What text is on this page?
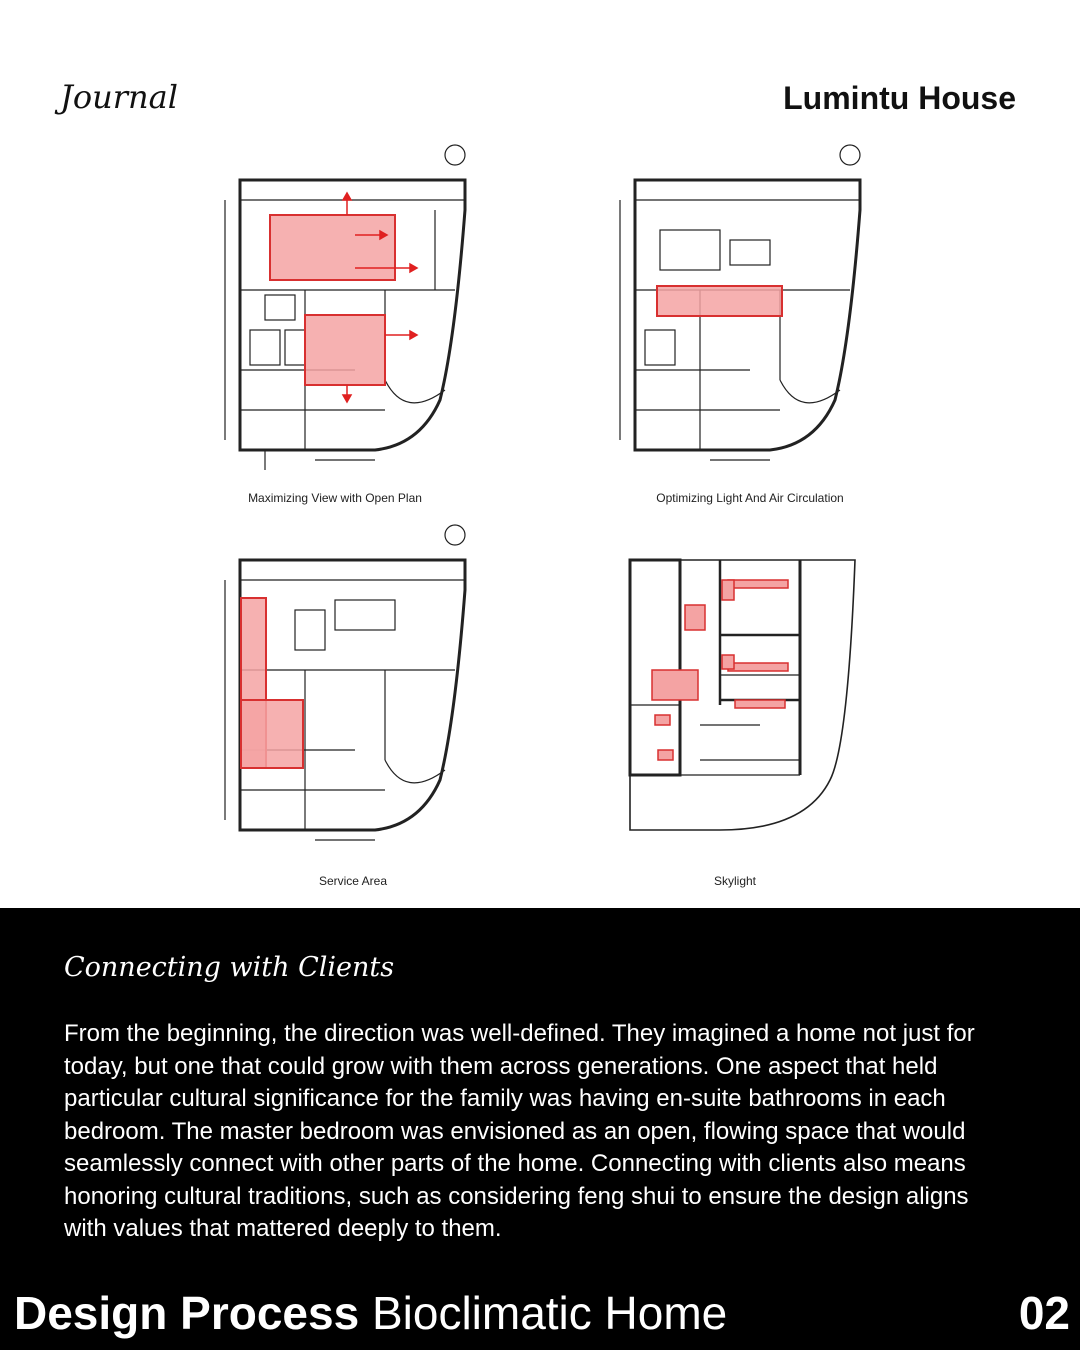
Journal	Lumintu House
Maximizing View with Open Plan	Optimizing Light And Air Circulation
Service Area	Skylight
Connecting with Clients

From the beginning, the direction was well-defined. They imagined a home not just for today, but one that could grow with them across generations. One aspect that held particular cultural significance for the family was having en-suite bathrooms in each bedroom. The master bedroom was envisioned as an open, flowing space that would seamlessly connect with other parts of the home. Connecting with clients also means honoring cultural traditions, such as considering feng shui to ensure the design aligns with values that mattered deeply to them.

Design Process Bioclimatic Home	02
